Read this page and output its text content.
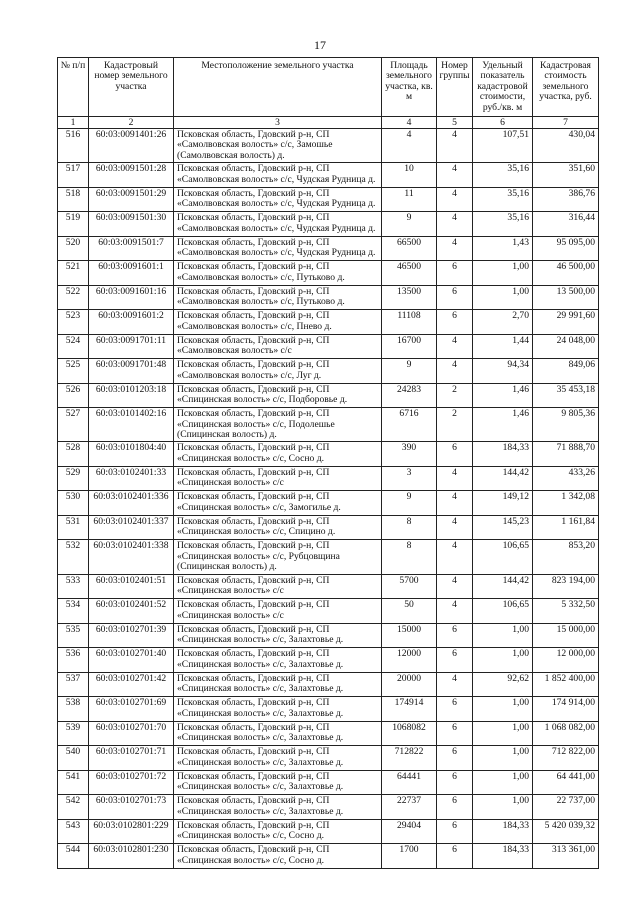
17
№ п/п	Кадастровый номер земельного участка	Местоположение земельного участка	Площадь земельного участка, кв. м	Номер группы	Удельный показатель кадастровой стоимости, руб./кв. м	Кадастровая стоимость земельного участка, руб.
1	2	3	4	5	6	7
516	60:03:0091401:26	Псковская область, Гдовский р-н, СП «Самолвовская волость» с/с, Замошье (Самолвовская волость) д.	4	4	107,51	430,04
517	60:03:0091501:28	Псковская область, Гдовский р-н, СП «Самолвовская волость» с/с, Чудская Рудница д.	10	4	35,16	351,60
518	60:03:0091501:29	Псковская область, Гдовский р-н, СП «Самолвовская волость» с/с, Чудская Рудница д.	11	4	35,16	386,76
519	60:03:0091501:30	Псковская область, Гдовский р-н, СП «Самолвовская волость» с/с, Чудская Рудница д.	9	4	35,16	316,44
520	60:03:0091501:7	Псковская область, Гдовский р-н, СП «Самолвовская волость» с/с, Чудская Рудница д.	66500	4	1,43	95 095,00
521	60:03:0091601:1	Псковская область, Гдовский р-н, СП «Самолвовская волость» с/с, Путьково д.	46500	6	1,00	46 500,00
522	60:03:0091601:16	Псковская область, Гдовский р-н, СП «Самолвовская волость» с/с, Путьково д.	13500	6	1,00	13 500,00
523	60:03:0091601:2	Псковская область, Гдовский р-н, СП «Самолвовская волость» с/с, Пнево д.	11108	6	2,70	29 991,60
524	60:03:0091701:11	Псковская область, Гдовский р-н, СП «Самолвовская волость» с/с	16700	4	1,44	24 048,00
525	60:03:0091701:48	Псковская область, Гдовский р-н, СП «Самолвовская волость» с/с, Луг д.	9	4	94,34	849,06
526	60:03:0101203:18	Псковская область, Гдовский р-н, СП «Спицинская волость» с/с, Подборовье д.	24283	2	1,46	35 453,18
527	60:03:0101402:16	Псковская область, Гдовский р-н, СП «Спицинская волость» с/с, Подолешье (Спицинская волость) д.	6716	2	1,46	9 805,36
528	60:03:0101804:40	Псковская область, Гдовский р-н, СП «Спицинская волость» с/с, Сосно д.	390	6	184,33	71 888,70
529	60:03:0102401:33	Псковская область, Гдовский р-н, СП «Спицинская волость» с/с	3	4	144,42	433,26
530	60:03:0102401:336	Псковская область, Гдовский р-н, СП «Спицинская волость» с/с, Замогилье д.	9	4	149,12	1 342,08
531	60:03:0102401:337	Псковская область, Гдовский р-н, СП «Спицинская волость» с/с, Спицино д.	8	4	145,23	1 161,84
532	60:03:0102401:338	Псковская область, Гдовский р-н, СП «Спицинская волость» с/с, Рубцовщина (Спицинская волость) д.	8	4	106,65	853,20
533	60:03:0102401:51	Псковская область, Гдовский р-н, СП «Спицинская волость» с/с	5700	4	144,42	823 194,00
534	60:03:0102401:52	Псковская область, Гдовский р-н, СП «Спицинская волость» с/с	50	4	106,65	5 332,50
535	60:03:0102701:39	Псковская область, Гдовский р-н, СП «Спицинская волость» с/с, Залахтовье д.	15000	6	1,00	15 000,00
536	60:03:0102701:40	Псковская область, Гдовский р-н, СП «Спицинская волость» с/с, Залахтовье д.	12000	6	1,00	12 000,00
537	60:03:0102701:42	Псковская область, Гдовский р-н, СП «Спицинская волость» с/с, Залахтовье д.	20000	4	92,62	1 852 400,00
538	60:03:0102701:69	Псковская область, Гдовский р-н, СП «Спицинская волость» с/с, Залахтовье д.	174914	6	1,00	174 914,00
539	60:03:0102701:70	Псковская область, Гдовский р-н, СП «Спицинская волость» с/с, Залахтовье д.	1068082	6	1,00	1 068 082,00
540	60:03:0102701:71	Псковская область, Гдовский р-н, СП «Спицинская волость» с/с, Залахтовье д.	712822	6	1,00	712 822,00
541	60:03:0102701:72	Псковская область, Гдовский р-н, СП «Спицинская волость» с/с, Залахтовье д.	64441	6	1,00	64 441,00
542	60:03:0102701:73	Псковская область, Гдовский р-н, СП «Спицинская волость» с/с, Залахтовье д.	22737	6	1,00	22 737,00
543	60:03:0102801:229	Псковская область, Гдовский р-н, СП «Спицинская волость» с/с, Сосно д.	29404	6	184,33	5 420 039,32
544	60:03:0102801:230	Псковская область, Гдовский р-н, СП «Спицинская волость» с/с, Сосно д.	1700	6	184,33	313 361,00
